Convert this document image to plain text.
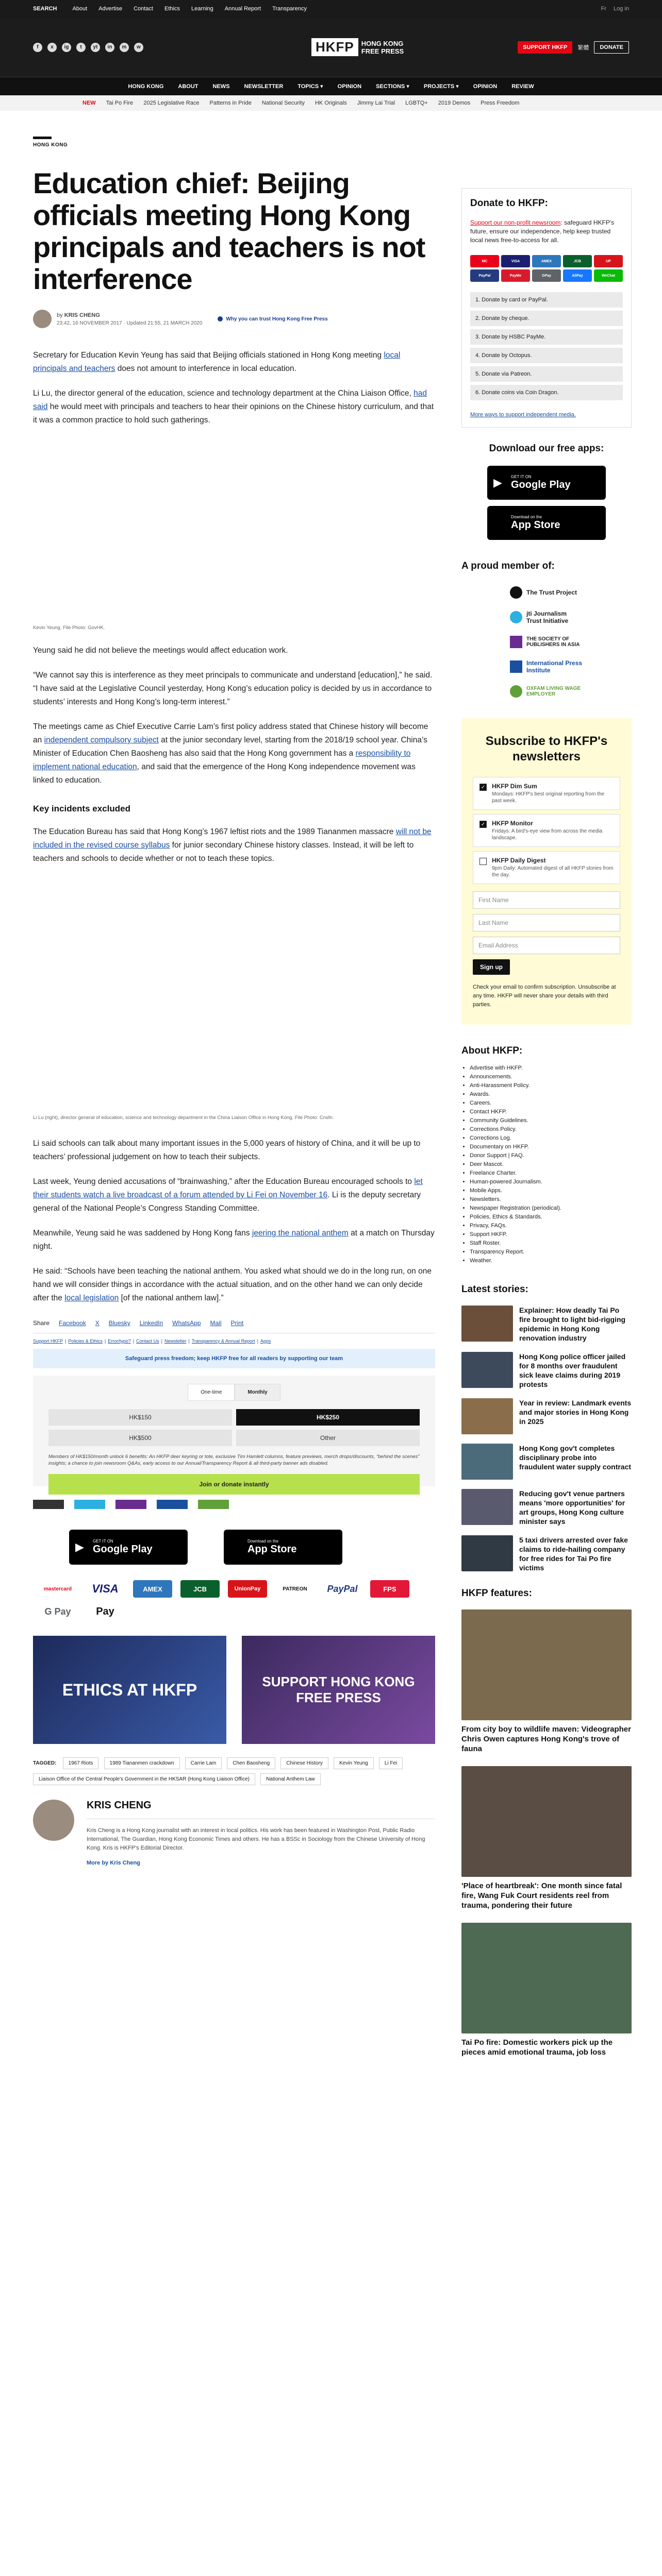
SEARCH	About Advertise Contact Ethics Learning Annual Report Transparency	Fr Log in
f	x	ig	t	yt	in	m	w	HKFP	HONG KONG
FREE PRESS	SUPPORT HKFP	繁體	DONATE
HONG KONG	ABOUT	NEWS	NEWSLETTER	TOPICS ▾	OPINION	SECTIONS ▾	PROJECTS ▾	OPINION	REVIEW
NEW Tai Po Fire 2025 Legislative Race Patterns in Pride National Security HK Originals Jimmy Lai Trial LGBTQ+ 2019 Demos Press Freedom
HONG KONG
Education chief: Beijing officials meeting Hong Kong principals and teachers is not interference
by KRIS CHENG
23:42, 16 NOVEMBER 2017 · Updated 21:55, 21 MARCH 2020
Why you can trust Hong Kong Free Press

Secretary for Education Kevin Yeung has said that Beijing officials stationed in Hong Kong meeting local principals and teachers does not amount to interference in local education.

Li Lu, the director general of the education, science and technology department at the China Liaison Office, had said he would meet with principals and teachers to hear their opinions on the Chinese history curriculum, and that it was a common practice to hold such gatherings.

Kevin Yeung. File Photo: GovHK.

Yeung said he did not believe the meetings would affect education work.

“We cannot say this is interference as they meet principals to communicate and understand [education],” he said. “I have said at the Legislative Council yesterday, Hong Kong’s education policy is decided by us in accordance to students’ interests and Hong Kong’s long-term interest.”

The meetings came as Chief Executive Carrie Lam’s first policy address stated that Chinese history will become an independent compulsory subject at the junior secondary level, starting from the 2018/19 school year. China’s Minister of Education Chen Baosheng has also said that the Hong Kong government has a responsibility to implement national education, and said that the emergence of the Hong Kong independence movement was linked to education.

Key incidents excluded

The Education Bureau has said that Hong Kong’s 1967 leftist riots and the 1989 Tiananmen massacre will not be included in the revised course syllabus for junior secondary Chinese history classes. Instead, it will be left to teachers and schools to decide whether or not to teach these topics.

Li Lu (right), director general of education, science and technology department in the China Liaison Office in Hong Kong. File Photo: Cnsfn.

Li said schools can talk about many important issues in the 5,000 years of history of China, and it will be up to teachers’ professional judgement on how to teach their subjects.

Last week, Yeung denied accusations of “brainwashing,” after the Education Bureau encouraged schools to let their students watch a live broadcast of a forum attended by Li Fei on November 16. Li is the deputy secretary general of the National People’s Congress Standing Committee.

Meanwhile, Yeung said he was saddened by Hong Kong fans jeering the national anthem at a match on Thursday night.

He said: “Schools have been teaching the national anthem. You asked what should we do in the long run, on one hand we will consider things in accordance with the actual situation, and on the other hand we can only decide after the local legislation [of the national anthem law].”

Share Facebook X Bluesky LinkedIn WhatsApp Mail Print
Support HKFP | Policies & Ethics | Error/typo? | Contact Us | Newsletter | Transparency & Annual Report | Apps
Safeguard press freedom; keep HKFP free for all readers by supporting our team
One-time	Monthly
HK$150	HK$250
HK$500	Other
Members of HK$150/month unlock 6 benefits: An HKFP deer keyring or tote, exclusive Tim Hamlett columns, feature previews, merch drops/discounts, “behind the scenes” insights; a chance to join newsroom Q&As, early access to our Annual/Transparency Report & all third-party banner ads disabled.
Join or donate instantly
▶ GET IT ON
Google Play
Download on the
App Store
mastercard	VISA	AMEX	JCB	UnionPay	PATREON	PayPal	FPS
G Pay	Pay
ETHICS AT HKFP	SUPPORT HONG KONG FREE PRESS
TAGGED: 1967 Riots	1989 Tiananmen crackdown	Carrie Lam	Chen Baosheng	Chinese History	Kevin Yeung	Li Fei Liaison Office of the Central People's Government in the HKSAR (Hong Kong Liaison Office)	National Anthem Law
KRIS CHENG
Kris Cheng is a Hong Kong journalist with an interest in local politics. His work has been featured in Washington Post, Public Radio International, The Guardian, Hong Kong Economic Times and others. He has a BSSc in Sociology from the Chinese University of Hong Kong. Kris is HKFP's Editorial Director.
More by Kris Cheng
Donate to HKFP:

Support our non-profit newsroom: safeguard HKFP's future, ensure our independence, help keep trusted local news free-to-access for all.

MC	VISA	AMEX	JCB	UP
PayPal	PayMe	GPay	AliPay	WeChat
1. Donate by card or PayPal.
2. Donate by cheque.
3. Donate by HSBC PayMe.
4. Donate by Octopus.
5. Donate via Patreon.
6. Donate coins via Coin Dragon.
More ways to support independent media.
Download our free apps:
▶ GET IT ON
Google Play
Download on the
App Store
A proud member of:
The Trust Project
jti Journalism Trust Initiative
THE SOCIETY OF PUBLISHERS IN ASIA
International Press Institute
OXFAM LIVING WAGE EMPLOYER
Subscribe to HKFP's newsletters
✓ HKFP Dim Sum
Mondays: HKFP's best original reporting from the past week.
✓ HKFP Monitor
Fridays: A bird's-eye view from across the media landscape.
HKFP Daily Digest
9pm Daily: Automated digest of all HKFP stories from the day.
First Name
Last Name
Email Address
Sign up

Check your email to confirm subscription. Unsubscribe at any time. HKFP will never share your details with third parties.

About HKFP:
• Advertise with HKFP.
• Announcements.
• Anti-Harassment Policy.
• Awards.
• Careers.
• Contact HKFP.
• Community Guidelines.
• Corrections Policy.
• Corrections Log.
• Documentary on HKFP.
• Donor Support | FAQ.
• Deer Mascot.
• Freelance Charter.
• Human-powered Journalism.
• Mobile Apps.
• Newsletters.
• Newspaper Registration (periodical).
• Policies, Ethics & Standards.
• Privacy, FAQs.
• Support HKFP.
• Staff Roster.
• Transparency Report.
• Weather.
Latest stories:
Explainer: How deadly Tai Po fire brought to light bid-rigging epidemic in Hong Kong renovation industry
Hong Kong police officer jailed for 8 months over fraudulent sick leave claims during 2019 protests
Year in review: Landmark events and major stories in Hong Kong in 2025
Hong Kong gov't completes disciplinary probe into fraudulent water supply contract
Reducing gov't venue partners means 'more opportunities' for art groups, Hong Kong culture minister says
5 taxi drivers arrested over fake claims to ride-hailing company for free rides for Tai Po fire victims
HKFP features:
From city boy to wildlife maven: Videographer Chris Owen captures Hong Kong's trove of fauna
'Place of heartbreak': One month since fatal fire, Wang Fuk Court residents reel from trauma, pondering their future
Tai Po fire: Domestic workers pick up the pieces amid emotional trauma, job loss
